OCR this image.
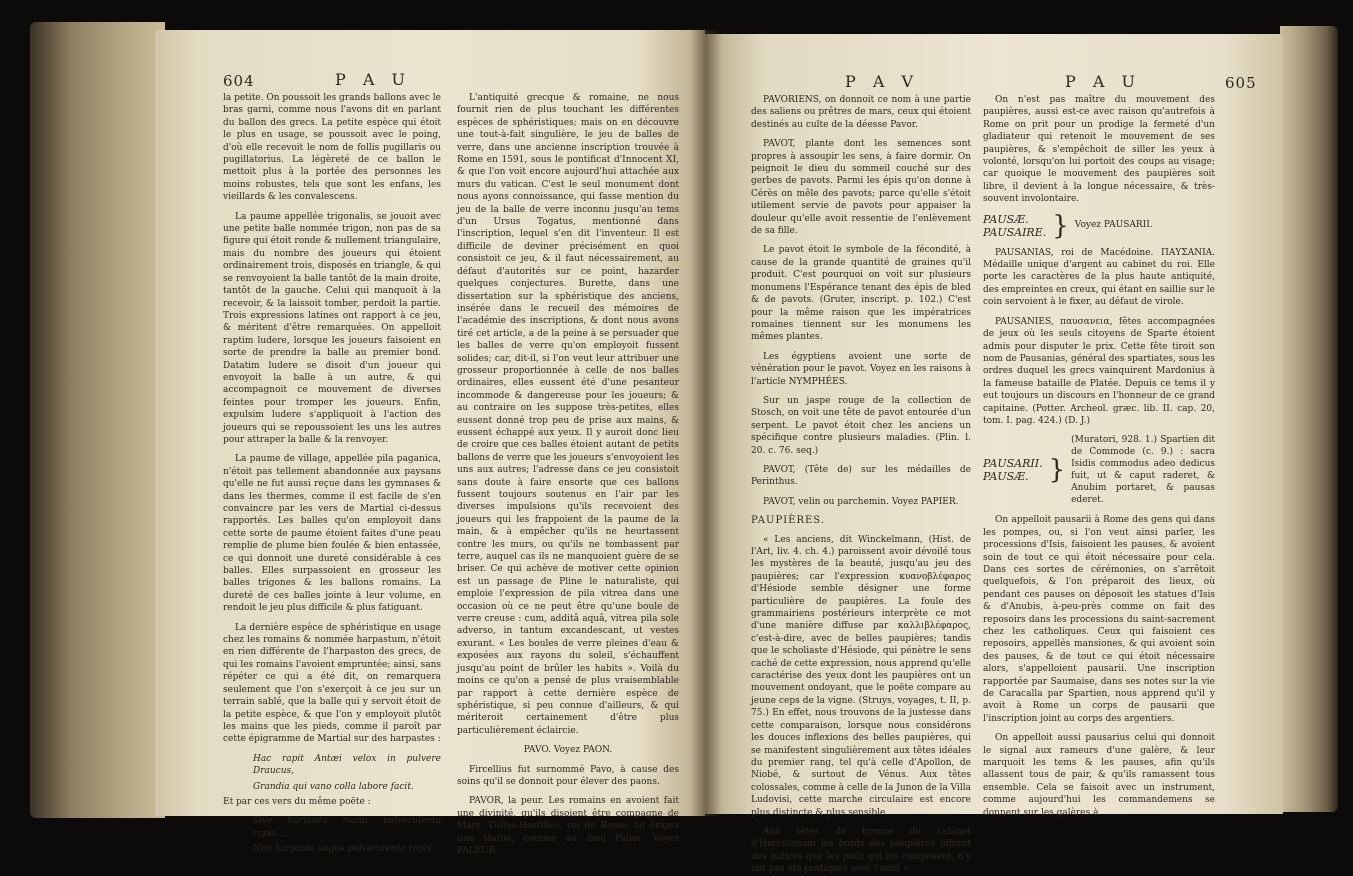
604	P A U

la petite. On poussoit les grands ballons avec le bras garni, comme nous l'avons dit en parlant du ballon des grecs. La petite espèce qui étoit le plus en usage, se poussoit avec le poing, d'où elle recevoit le nom de follis pugillaris ou pugillatorius. La légèreté de ce ballon le mettoit plus à la portée des personnes les moins robustes, tels que sont les enfans, les vieillards & les convalescens.

La paume appellée trigonalis, se jouoit avec une petite balle nommée trigon, non pas de sa figure qui étoit ronde & nullement triangulaire, mais du nombre des joueurs qui étoient ordinairement trois, disposés en triangle, & qui se renvoyoient la balle tantôt de la main droite, tantôt de la gauche. Celui qui manquoit à la recevoir, & la laissoit tomber, perdoit la partie. Trois expressions latines ont rapport à ce jeu, & méritent d'être remarquées. On appelloit raptim ludere, lorsque les joueurs faisoient en sorte de prendre la balle au premier bond. Datatim ludere se disoit d'un joueur qui envoyoit la balle à un autre, & qui accompagnoit ce mouvement de diverses feintes pour tromper les joueurs. Enfin, expulsim ludere s'appliquoit à l'action des joueurs qui se repoussoient les uns les autres pour attraper la balle & la renvoyer.

La paume de village, appellée pila paganica, n'étoit pas tellement abandonnée aux paysans qu'elle ne fut aussi reçue dans les gymnases & dans les thermes, comme il est facile de s'en convaincre par les vers de Martial ci-dessus rapportés. Les balles qu'on employoit dans cette sorte de paume étoient faites d'une peau remplie de plume bien foulée & bien entassée, ce qui donnoit une dureté considérable à ces balles. Elles surpassoient en grosseur les balles trigones & les ballons romains. La dureté de ces balles jointe à leur volume, en rendoit le jeu plus difficile & plus fatiguant.

La dernière espèce de sphéristique en usage chez les romains & nommée harpastum, n'étoit en rien différente de l'harpaston des grecs, de qui les romains l'avoient empruntée; ainsi, sans répéter ce qui a été dit, on remarquera seulement que l'on s'exerçoit à ce jeu sur un terrain sablé, que la balle qui y servoit étoit de la petite espèce, & que l'on y employoit plutôt les mains que les pieds, comme il paroît par cette épigramme de Martial sur des harpastes :

Hac rapit Antæi velox in pulvere Draucus,

Grandia qui vano colla labore facit.

Et par ces vers du même poëte :

Sive harpasta manu pulverulenta rapis....

Non harpasta vagus pulverulenta rapis.

L'antiquité grecque & romaine, ne nous fournit rien de plus touchant les différentes espèces de sphéristiques; mais on en découvre une tout-à-fait singulière, le jeu de balles de verre, dans une ancienne inscription trouvée à Rome en 1591, sous le pontificat d'Innocent XI, & que l'on voit encore aujourd'hui attachée aux murs du vatican. C'est le seul monument dont nous ayons connoissance, qui fasse mention du jeu de la balle de verre inconnu jusqu'au tems d'un Ursus Togatus, mentionné dans l'inscription, lequel s'en dit l'inventeur. Il est difficile de deviner précisément en quoi consistoit ce jeu, & il faut nécessairement, au défaut d'autorités sur ce point, hazarder quelques conjectures. Burette, dans une dissertation sur la sphéristique des anciens, insérée dans le recueil des mémoires de l'académie des inscriptions, & dont nous avons tiré cet article, a de la peine à se persuader que les balles de verre qu'on employoit fussent solides; car, dit-il, si l'on veut leur attribuer une grosseur proportionnée à celle de nos balles ordinaires, elles eussent été d'une pesanteur incommode & dangereuse pour les joueurs; & au contraire on les suppose très-petites, elles eussent donné trop peu de prise aux mains, & eussent échappé aux yeux. Il y auroit donc lieu de croire que ces balles étoient autant de petits ballons de verre que les joueurs s'envoyoient les uns aux autres; l'adresse dans ce jeu consistoit sans doute à faire ensorte que ces ballons fussent toujours soutenus en l'air par les diverses impulsions qu'ils recevoient des joueurs qui les frappoient de la paume de la main, & à empêcher qu'ils ne heurtassent contre les murs, ou qu'ils ne tombassent par terre, auquel cas ils ne manquoient guère de se briser. Ce qui achève de motiver cette opinion est un passage de Pline le naturaliste, qui emploie l'expression de pila vitrea dans une occasion où ce ne peut être qu'une boule de verre creuse : cum, additâ aquâ, vitrea pila sole adverso, in tantum excandescant, ut vestes exurant. « Les boules de verre pleines d'eau & exposées aux rayons du soleil, s'échauffent jusqu'au point de brûler les habits ». Voilà du moins ce qu'on a pensé de plus vraisemblable par rapport à cette dernière espèce de sphéristique, si peu connue d'ailleurs, & qui mériteroit certainement d'être plus particulièrement éclaircie.

PAVO. Voyez PAON.

Fircellius fut surnommé Pavo, à cause des soins qu'il se donnoit pour élever des paons.

PAVOR, la peur. Les romains en avoient fait une divinité, qu'ils disoient être compagne de Mars. Tullus-Hostilius, roi de Rome, lui érigea une statue, comme au dieu Palior. Voyez PALEUR.

P A V	P A U	605

PAVORIENS, on donnoit ce nom à une partie des saliens ou prêtres de mars, ceux qui étoient destinés au culte de la déesse Pavor.

PAVOT, plante dont les semences sont propres à assoupir les sens, à faire dormir. On peignoit le dieu du sommeil couché sur des gerbes de pavots. Parmi les épis qu'on donne à Cérès on mêle des pavots; parce qu'elle s'étoit utilement servie de pavots pour appaiser la douleur qu'elle avoit ressentie de l'enlèvement de sa fille.

Le pavot étoit le symbole de la fécondité, à cause de la grande quantité de graines qu'il produit. C'est pourquoi on voit sur plusieurs monumens l'Espérance tenant des épis de bled & de pavots. (Gruter, inscript. p. 102.) C'est pour la même raison que les impératrices romaines tiennent sur les monumens les mêmes plantes.

Les égyptiens avoient une sorte de vénération pour le pavot. Voyez en les raisons à l'article NYMPHÉES.

Sur un jaspe rouge de la collection de Stosch, on voit une tête de pavot entourée d'un serpent. Le pavot étoit chez les anciens un spécifique contre plusieurs maladies. (Plin. l. 20. c. 76. seq.)

PAVOT, (Tête de) sur les médailles de Perinthus.

PAVOT, velin ou parchemin. Voyez PAPIER.

PAUPIÈRES.

« Les anciens, dit Winckelmann, (Hist. de l'Art, liv. 4. ch. 4.) paroissent avoir dévoilé tous les mystères de la beauté, jusqu'au jeu des paupières; car l'expression κυανοβλέφαρος d'Hésiode semble désigner une forme particulière de paupières. La foule des grammairiens postérieurs interprète ce mot d'une manière diffuse par καλλιβλέφαρος, c'est-à-dire, avec de belles paupières; tandis que le scholiaste d'Hésiode, qui pénètre le sens caché de cette expression, nous apprend qu'elle caractérise des yeux dont les paupières ont un mouvement ondoyant, que le poëte compare au jeune ceps de la vigne. (Struys, voyages, t. II, p. 75.) En effet, nous trouvons de la justesse dans cette comparaison, lorsque nous considérons les douces inflexions des belles paupières, qui se manifestent singulièrement aux têtes idéales du premier rang, tel qu'à celle d'Apollon, de Niobé, & surtout de Vénus. Aux têtes colossales, comme à celle de la Junon de la Villa Ludovisi, cette marche circulaire est encore plus distincte & plus sensible.

Aux têtes de bronze du cabinet d'Herculanum les bords des paupières offrent des indices que les poils qui les composent, n'y ont pas été pratiqués avec l'outil ».

On n'est pas maître du mouvement des paupières, aussi est-ce avec raison qu'autrefois à Rome on prit pour un prodige la fermeté d'un gladiateur qui retenoit le mouvement de ses paupières, & s'empêchoit de siller les yeux à volonté, lorsqu'on lui portoit des coups au visage; car quoique le mouvement des paupières soit libre, il devient à la longue nécessaire, & très-souvent involontaire.

PAUSÆ.
PAUSAIRE. } Voyez PAUSARII.

PAUSANIAS, roi de Macédoine. ΠΑΥΣΑΝΙΑ. Médaille unique d'argent au cabinet du roi. Elle porte les caractères de la plus haute antiquité, des empreintes en creux, qui étant en saillie sur le coin servoient à le fixer, au défaut de virole.

PAUSANIES, παυσανεια, fêtes accompagnées de jeux où les seuls citoyens de Sparte étoient admis pour disputer le prix. Cette fête tiroit son nom de Pausanias, général des spartiates, sous les ordres duquel les grecs vainquirent Mardonius à la fameuse bataille de Platée. Depuis ce tems il y eut toujours un discours en l'honneur de ce grand capitaine. (Potter. Archeol. græc. lib. II. cap. 20, tom. I. pag. 424.) (D. J.)

PAUSARII.
PAUSÆ. }
(Muratori, 928. 1.) Spartien dit de Commode (c. 9.) : sacra Isidis commodus adeo dedicus fuit, ut & caput raderet, & Anubim portaret, & pausas ederet.

On appelloit pausarii à Rome des gens qui dans les pompes, ou, si l'on veut ainsi parler, les processions d'Isis, faisoient les pauses, & avoient soin de tout ce qui étoit nécessaire pour cela. Dans ces sortes de cérémonies, on s'arrêtoit quelquefois, & l'on préparoit des lieux, où pendant ces pauses on déposoit les statues d'Isis & d'Anubis, à-peu-près comme on fait des reposoirs dans les processions du saint-sacrement chez les catholiques. Ceux qui faisoient ces reposoirs, appellés mansiones, & qui avoient soin des pauses, & de tout ce qui étoit nécessaire alors, s'appelloient pausarii. Une inscription rapportée par Saumaise, dans ses notes sur la vie de Caracalla par Spartien, nous apprend qu'il y avoit à Rome un corps de pausarii que l'inscription joint au corps des argentiers.

On appelloit aussi pausarius celui qui donnoit le signal aux rameurs d'une galère, & leur marquoit les tems & les pauses, afin qu'ils allassent tous de pair, & qu'ils ramassent tous ensemble. Cela se faisoit avec un instrument, comme aujourd'hui les commandemens se donnent sur les galères à
